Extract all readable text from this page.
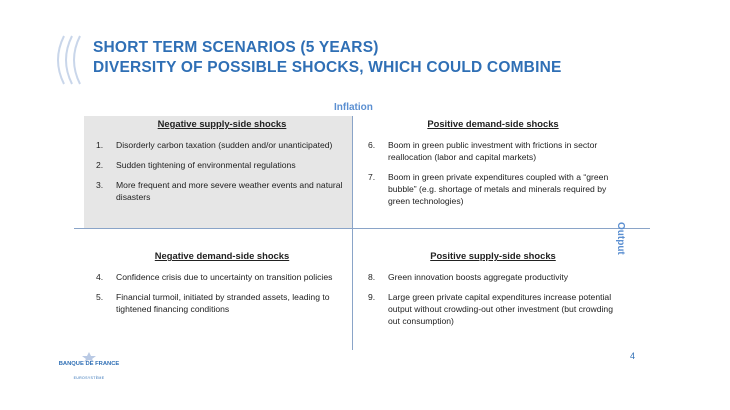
SHORT TERM SCENARIOS (5 YEARS)
DIVERSITY OF POSSIBLE SHOCKS, WHICH COULD COMBINE
Inflation
Output
Negative supply-side shocks
1.	Disorderly carbon taxation (sudden and/or unanticipated)
2.	Sudden tightening of environmental regulations
3.	More frequent and more severe weather events and natural disasters
Positive demand-side shocks
6.	Boom in green public investment with frictions in sector reallocation (labor and capital markets)
7.	Boom in green private expenditures coupled with a “green bubble” (e.g. shortage of metals and minerals required by green technologies)
Negative demand-side shocks
4.	Confidence crisis due to uncertainty on transition policies
5.	Financial turmoil, initiated by stranded assets, leading to tightened financing conditions
Positive supply-side shocks
8.	Green innovation boosts aggregate productivity
9.	Large green private capital expenditures increase potential output without crowding-out other investment (but crowding out consumption)
4
BANQUE DE FRANCE
EUROSYSTÈME
